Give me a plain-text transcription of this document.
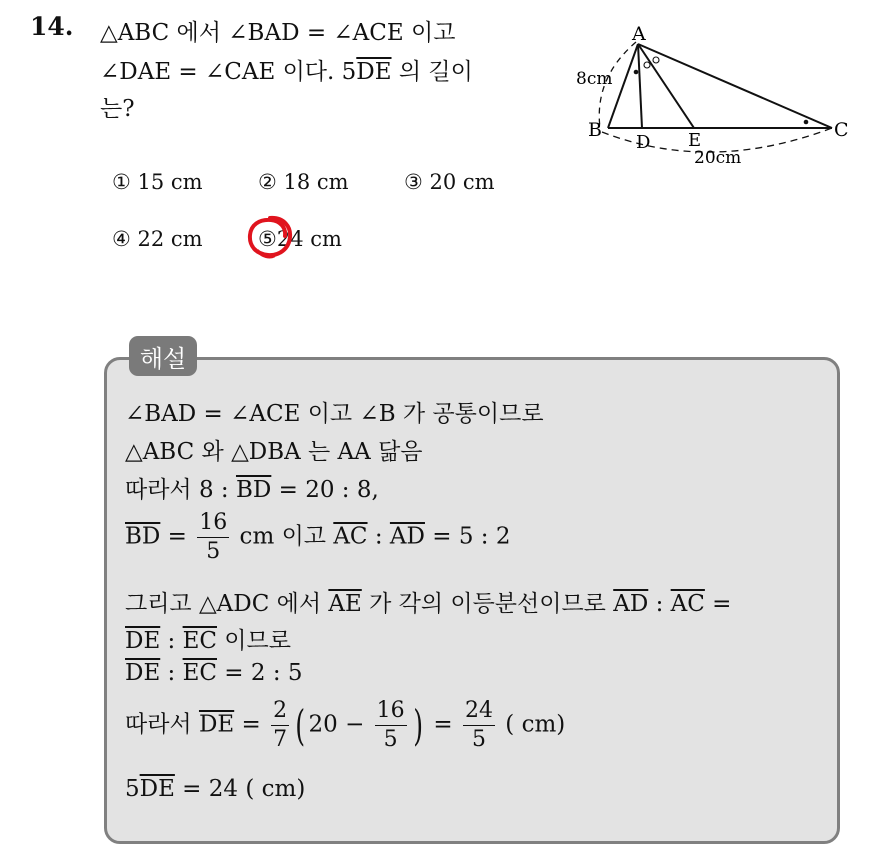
14. △ABC 에서 ∠BAD = ∠ACE 이고
∠DAE = ∠CAE 이다. $5\overline{DE}$ 의 길이
는?
① 15 cm	② 18 cm	③ 20 cm
④ 22 cm	⑤24 cm
A
B	C
D E
8cm
20cm
해설
∠BAD = ∠ACE 이고 ∠B 가 공통이므로
△ABC 와 △DBA 는 AA 닮음
따라서 8 : $\overline{BD} = 20$ : 8,
$\overline{BD} = \frac{16}{5}$ cm 이고 $\overline{AC}$ : $\overline{AD} = 5$ : 2
그리고 △ADC 에서 $\overline{AE}$ 가 각의 이등분선이므로 $\overline{AD}$ : $\overline{AC}$ =
$\overline{DE}$ : $\overline{EC}$ 이므로
$\overline{DE}$ : $\overline{EC} = 2$ : 5
따라서 $\overline{DE} = \frac{2}{7}$ ( $20 - \frac{16}{5}$ ) = $\frac{24}{5}$ ( cm)
$5\overline{DE} = 24$ ( cm)
